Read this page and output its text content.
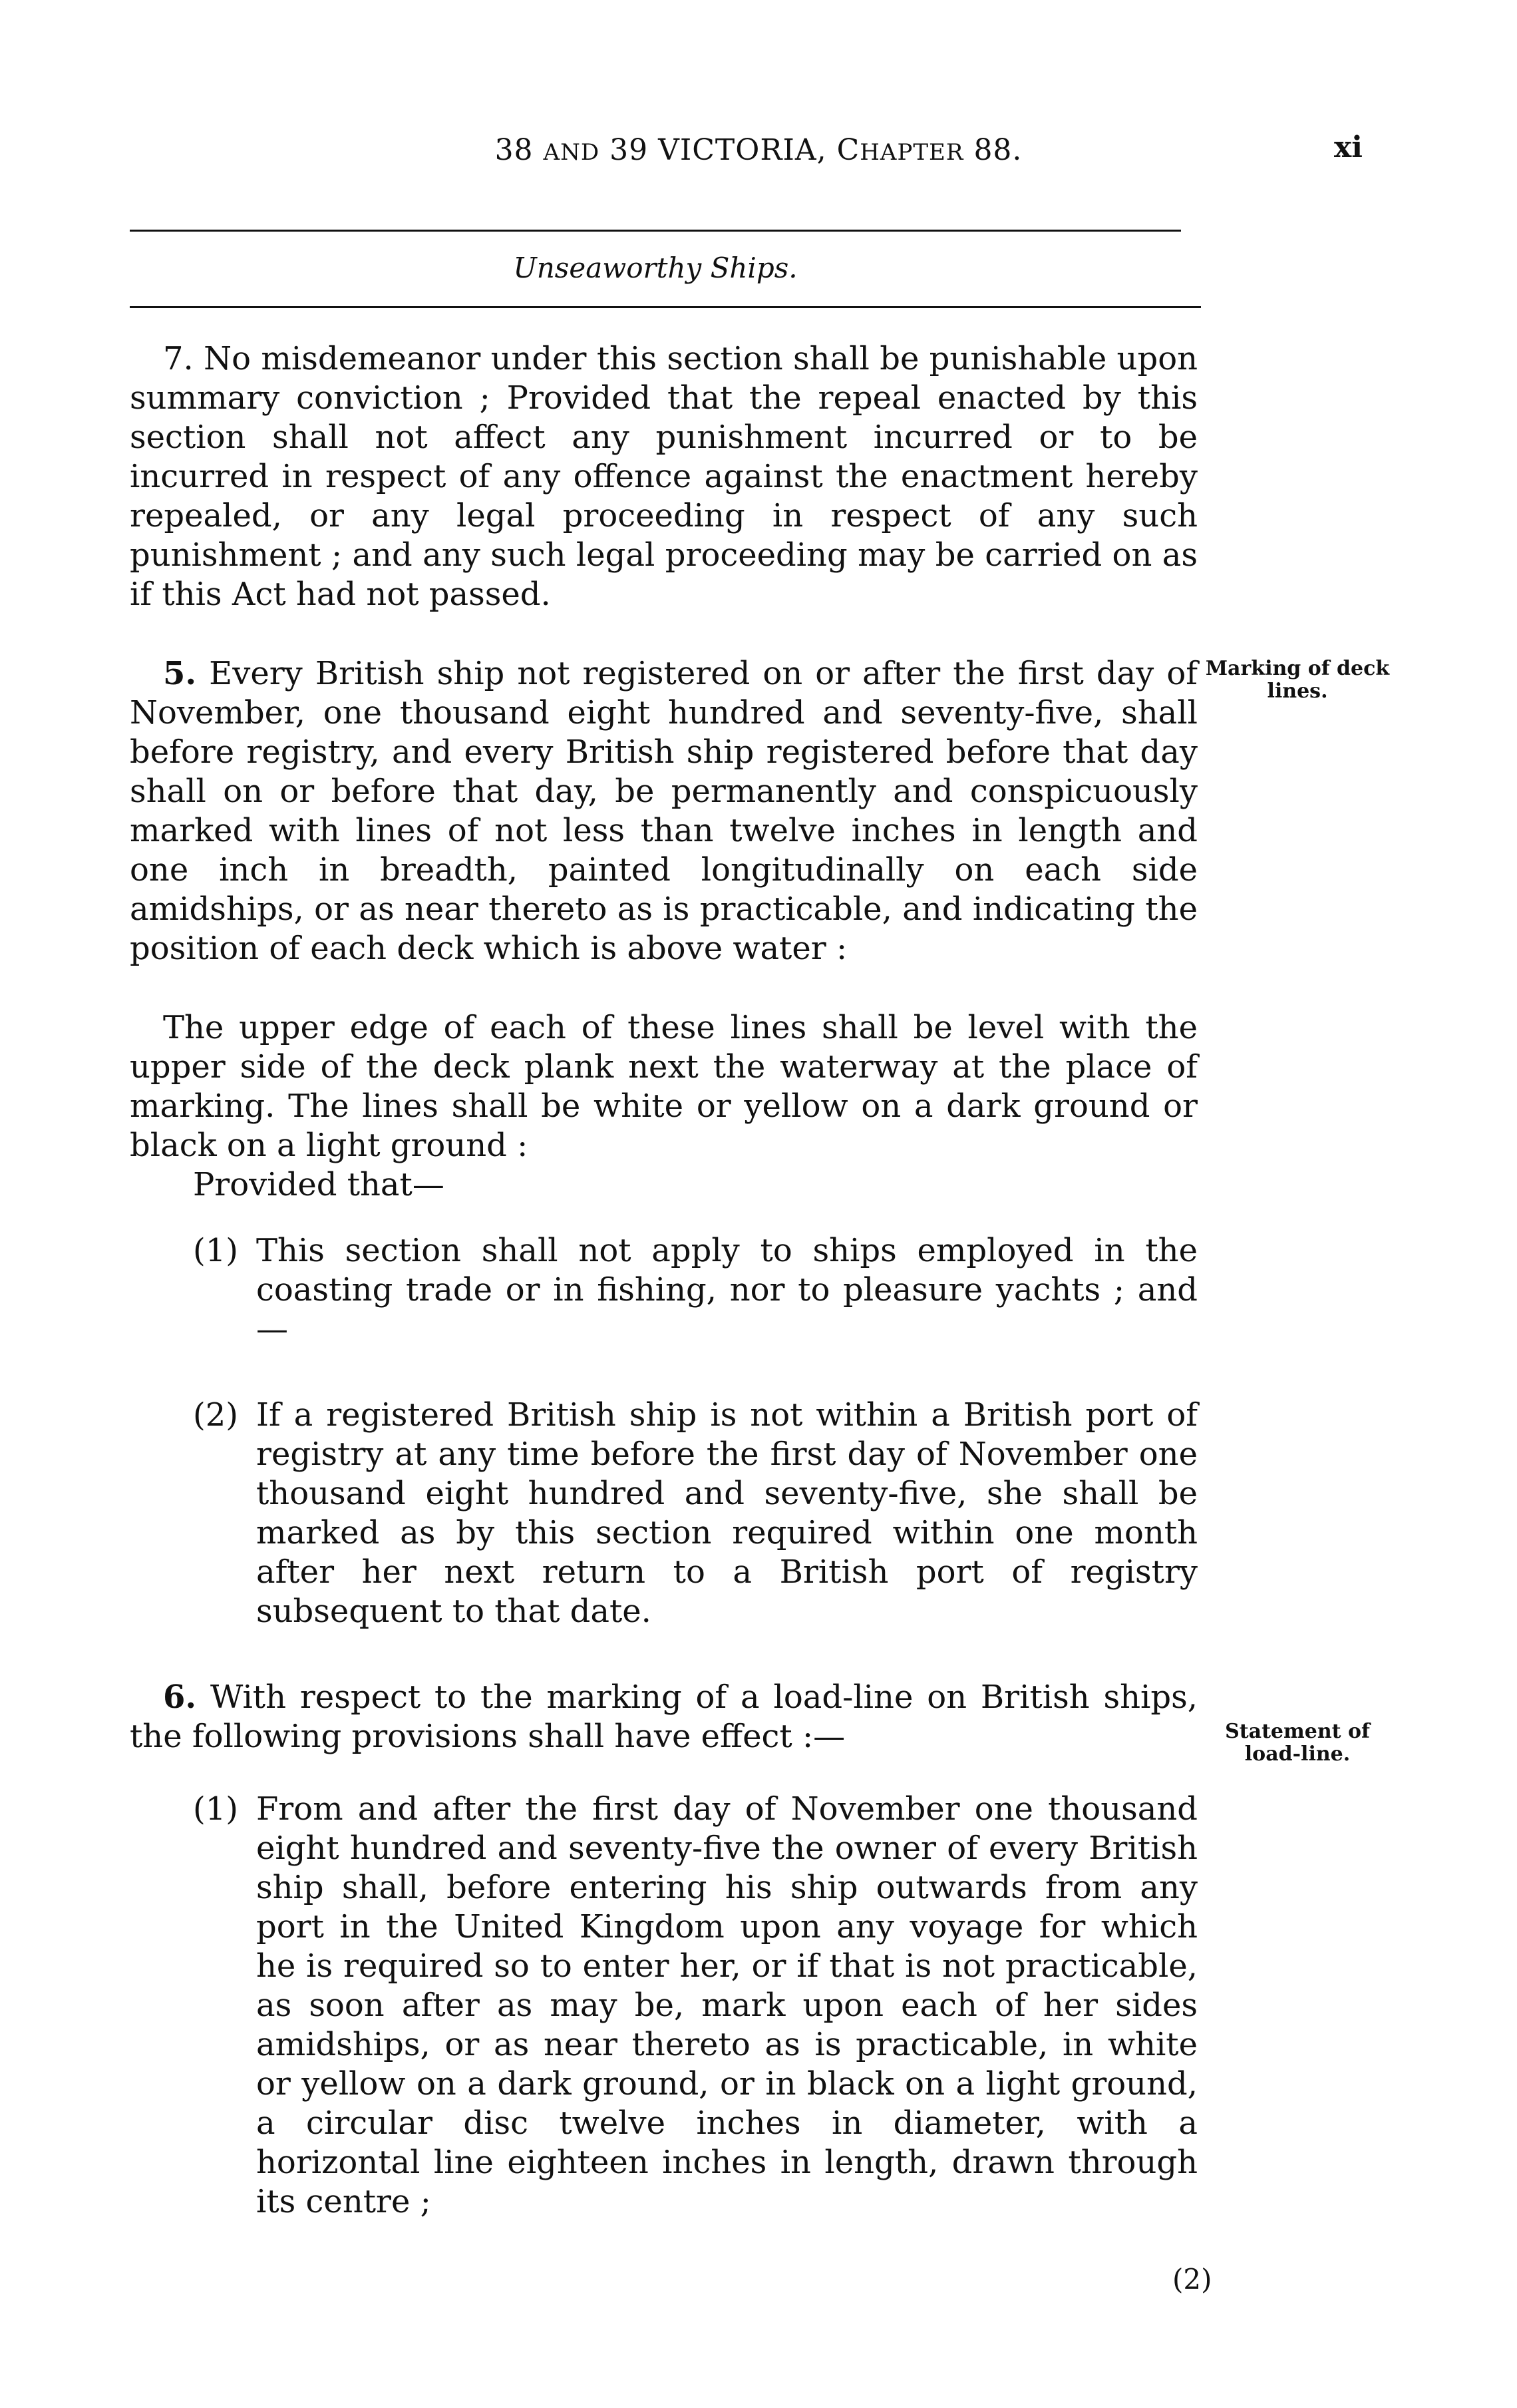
38 AND 39 VICTORIA, CHAPTER 88.	xi
Unseaworthy Ships.
Marking of deck lines.
Statement of load-line.

7. No misdemeanor under this section shall be punishable upon summary conviction ; Provided that the repeal enacted by this section shall not affect any punishment incurred or to be incurred in respect of any offence against the enactment hereby repealed, or any legal proceeding in respect of any such punishment ; and any such legal proceeding may be carried on as if this Act had not passed.

5. Every British ship not registered on or after the first day of November, one thousand eight hundred and seventy-five, shall before registry, and every British ship registered before that day shall on or before that day, be permanently and conspicuously marked with lines of not less than twelve inches in length and one inch in breadth, painted longitudinally on each side amidships, or as near thereto as is practicable, and indicating the position of each deck which is above water :

The upper edge of each of these lines shall be level with the upper side of the deck plank next the waterway at the place of marking. The lines shall be white or yellow on a dark ground or black on a light ground :

Provided that—

(1) This section shall not apply to ships employed in the coasting trade or in fishing, nor to pleasure yachts ; and—
(2) If a registered British ship is not within a British port of registry at any time before the first day of November one thousand eight hundred and seventy-five, she shall be marked as by this section required within one month after her next return to a British port of registry subsequent to that date.

6. With respect to the marking of a load-line on British ships, the following provisions shall have effect :—

(1) From and after the first day of November one thousand eight hundred and seventy-five the owner of every British ship shall, before entering his ship outwards from any port in the United Kingdom upon any voyage for which he is required so to enter her, or if that is not practicable, as soon after as may be, mark upon each of her sides amidships, or as near thereto as is practicable, in white or yellow on a dark ground, or in black on a light ground, a circular disc twelve inches in diameter, with a horizontal line eighteen inches in length, drawn through its centre ;
(2)
